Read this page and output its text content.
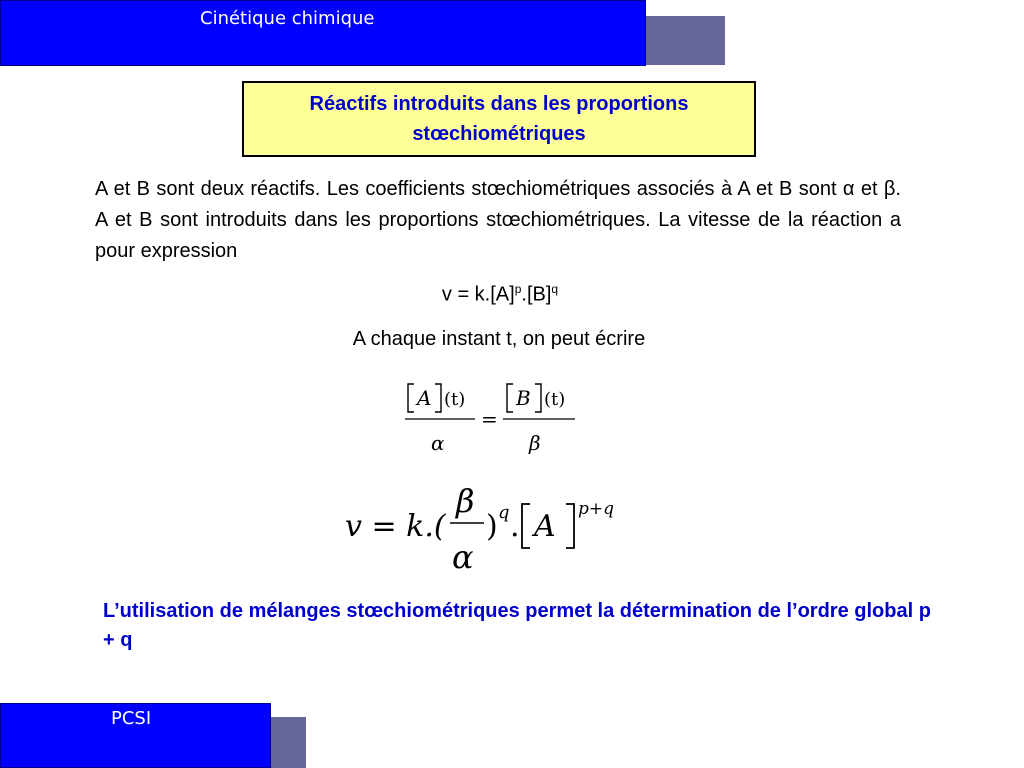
Cinétique chimique
Réactifs introduits dans les proportions stœchiométriques
A et B sont deux réactifs. Les coefficients stœchiométriques associés à A et B sont α et β. A et B sont introduits dans les proportions stœchiométriques. La vitesse de la réaction a pour expression
$v = k.[A]^p.[B]^q$
A chaque instant t, on peut écrire
A (t)
α
=
B (t)
β
v = k.(
β
α
) q . A p+q
L’utilisation de mélanges stœchiométriques permet la détermination de l’ordre global p + q
PCSI
